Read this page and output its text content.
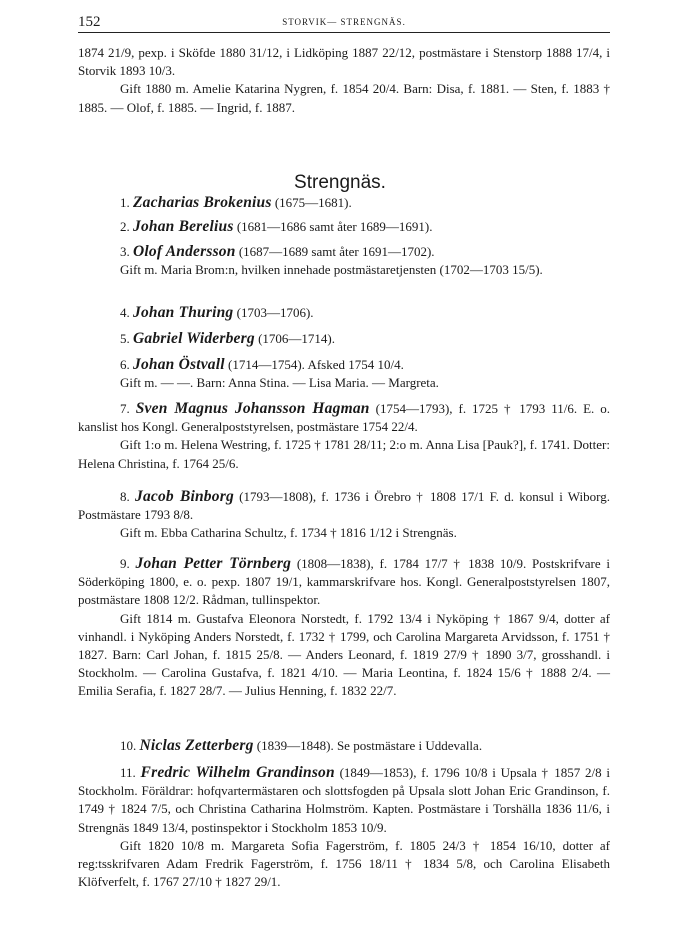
152	STORVIK— STRENGNÄS.
1874 21/9, pexp. i Sköfde 1880 31/12, i Lidköping 1887 22/12, postmästare i Stenstorp 1888 17/4, i Storvik 1893 10/3.
Gift 1880 m. Amelie Katarina Nygren, f. 1854 20/4. Barn: Disa, f. 1881. — Sten, f. 1883 † 1885. — Olof, f. 1885. — Ingrid, f. 1887.
Strengnäs.
1. Zacharias Brokenius (1675—1681).
2. Johan Berelius (1681—1686 samt åter 1689—1691).
3. Olof Andersson (1687—1689 samt åter 1691—1702).
Gift m. Maria Brom:n, hvilken innehade postmästaretjensten (1702—1703 15/5).
4. Johan Thuring (1703—1706).
5. Gabriel Widerberg (1706—1714).
6. Johan Östvall (1714—1754). Afsked 1754 10/4.
Gift m. — —. Barn: Anna Stina. — Lisa Maria. — Margreta.
7. Sven Magnus Johansson Hagman (1754—1793), f. 1725 † 1793 11/6. E. o. kanslist hos Kongl. Generalpoststyrelsen, postmästare 1754 22/4.
Gift 1:o m. Helena Westring, f. 1725 † 1781 28/11; 2:o m. Anna Lisa [Pauk?], f. 1741. Dotter: Helena Christina, f. 1764 25/6.
8. Jacob Binborg (1793—1808), f. 1736 i Örebro † 1808 17/1 F. d. konsul i Wiborg. Postmästare 1793 8/8.
Gift m. Ebba Catharina Schultz, f. 1734 † 1816 1/12 i Strengnäs.
9. Johan Petter Törnberg (1808—1838), f. 1784 17/7 † 1838 10/9. Postskrifvare i Söderköping 1800, e. o. pexp. 1807 19/1, kammarskrifvare hos. Kongl. Generalpoststyrelsen 1807, postmästare 1808 12/2. Rådman, tullinspektor.
Gift 1814 m. Gustafva Eleonora Norstedt, f. 1792 13/4 i Nyköping † 1867 9/4, dotter af vinhandl. i Nyköping Anders Norstedt, f. 1732 † 1799, och Carolina Margareta Arvidsson, f. 1751 † 1827. Barn: Carl Johan, f. 1815 25/8. — Anders Leonard, f. 1819 27/9 † 1890 3/7, grosshandl. i Stockholm. — Carolina Gustafva, f. 1821 4/10. — Maria Leontina, f. 1824 15/6 † 1888 2/4. — Emilia Serafia, f. 1827 28/7. — Julius Henning, f. 1832 22/7.
10. Niclas Zetterberg (1839—1848). Se postmästare i Uddevalla.
11. Fredric Wilhelm Grandinson (1849—1853), f. 1796 10/8 i Upsala † 1857 2/8 i Stockholm. Föräldrar: hofqvartermästaren och slottsfogden på Upsala slott Johan Eric Grandinson, f. 1749 † 1824 7/5, och Christina Catharina Holmström. Kapten. Postmästare i Torshälla 1836 11/6, i Strengnäs 1849 13/4, postinspektor i Stockholm 1853 10/9.
Gift 1820 10/8 m. Margareta Sofia Fagerström, f. 1805 24/3 † 1854 16/10, dotter af reg:tsskrifvaren Adam Fredrik Fagerström, f. 1756 18/11 † 1834 5/8, och Carolina Elisabeth Klöfverfelt, f. 1767 27/10 † 1827 29/1.
